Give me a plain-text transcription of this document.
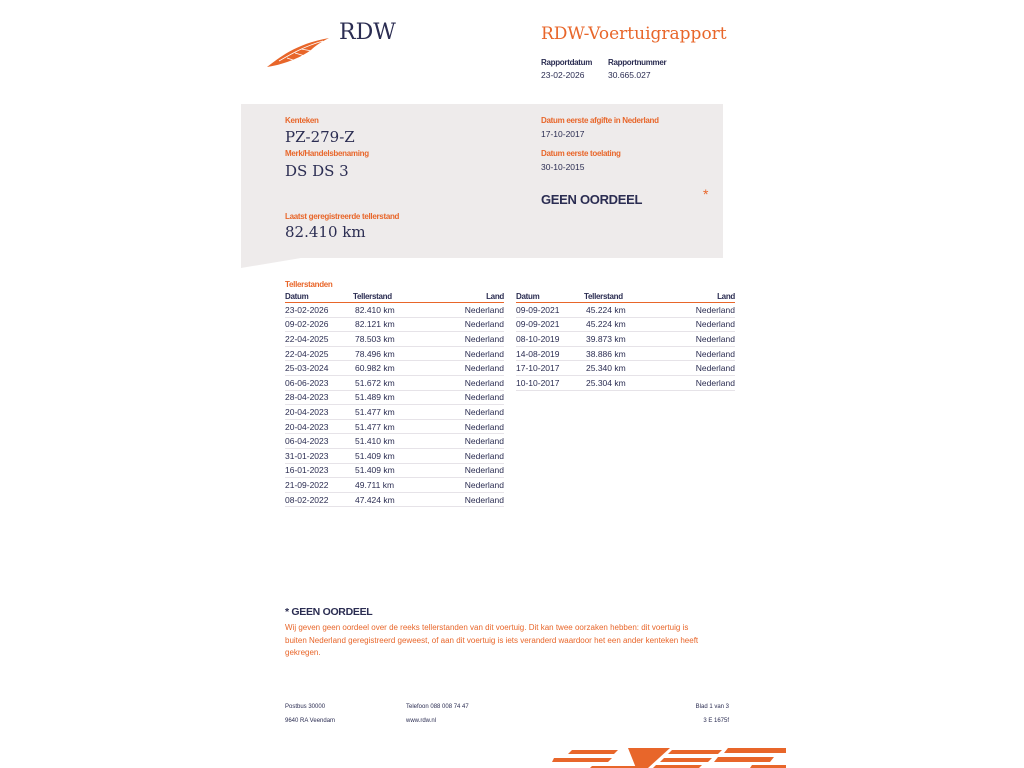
RDW	RDW-Voertuigrapport
Rapportdatum
23-02-2026
Rapportnummer
30.665.027
Kenteken
PZ-279-Z
Merk/Handelsbenaming
DS DS 3
Laatst geregistreerde tellerstand
82.410 km
Datum eerste afgifte in Nederland
17-10-2017
Datum eerste toelating
30-10-2015
GEEN OORDEEL	*
Tellerstanden
Datum	Tellerstand	Land
23-02-2026	82.410 km	Nederland
09-02-2026	82.121 km	Nederland
22-04-2025	78.503 km	Nederland
22-04-2025	78.496 km	Nederland
25-03-2024	60.982 km	Nederland
06-06-2023	51.672 km	Nederland
28-04-2023	51.489 km	Nederland
20-04-2023	51.477 km	Nederland
20-04-2023	51.477 km	Nederland
06-04-2023	51.410 km	Nederland
31-01-2023	51.409 km	Nederland
16-01-2023	51.409 km	Nederland
21-09-2022	49.711 km	Nederland
08-02-2022	47.424 km	Nederland
Datum	Tellerstand	Land
09-09-2021	45.224 km	Nederland
09-09-2021	45.224 km	Nederland
08-10-2019	39.873 km	Nederland
14-08-2019	38.886 km	Nederland
17-10-2017	25.340 km	Nederland
10-10-2017	25.304 km	Nederland
* GEEN OORDEEL
Wij geven geen oordeel over de reeks tellerstanden van dit voertuig. Dit kan twee oorzaken hebben: dit voertuig is buiten Nederland geregistreerd geweest, of aan dit voertuig is iets veranderd waardoor het een ander kenteken heeft gekregen.
Postbus 30000
9640 RA Veendam
Telefoon 088 008 74 47
www.rdw.nl
Blad 1 van 3
3 E 1675f
